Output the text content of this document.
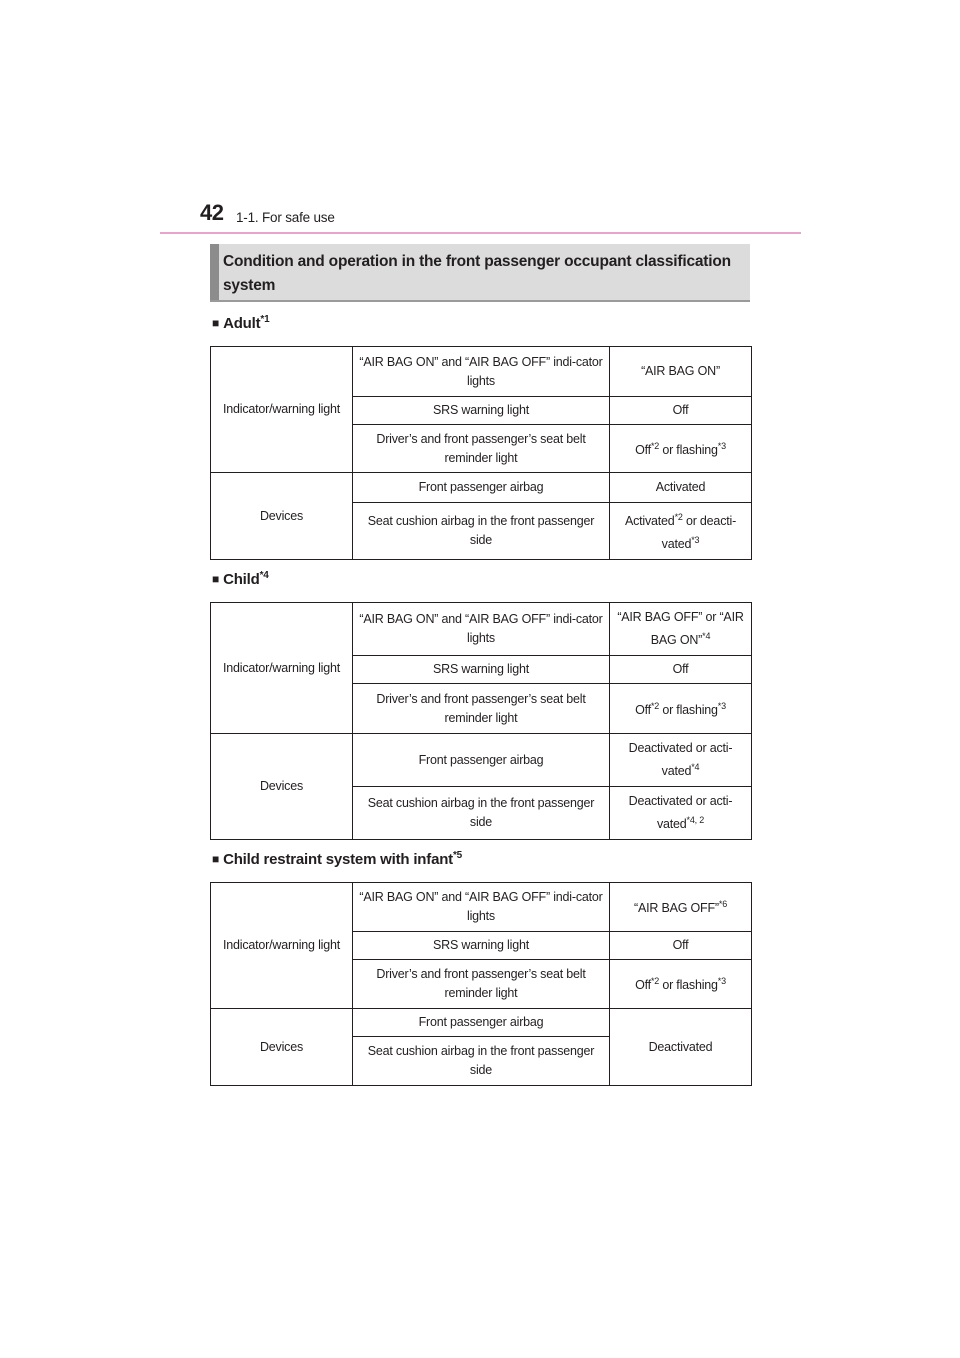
42 1-1. For safe use
Condition and operation in the front passenger occupant classification system
■ Adult$^{*1}$
Indicator/warning light	“AIR BAG ON” and “AIR BAG OFF” indi-cator lights	“AIR BAG ON”
	SRS warning light	Off
	Driver’s and front passenger’s seat belt reminder light	Off$^{*2}$ or flashing$^{*3}$
Devices	Front passenger airbag	Activated
	Seat cushion airbag in the front passenger side	Activated$^{*2}$ or deacti-vated$^{*3}$
■ Child$^{*4}$
Indicator/warning light	“AIR BAG ON” and “AIR BAG OFF” indi-cator lights	“AIR BAG OFF” or “AIR BAG ON”$^{*4}$
	SRS warning light	Off
	Driver’s and front passenger’s seat belt reminder light	Off$^{*2}$ or flashing$^{*3}$
Devices	Front passenger airbag	Deactivated or acti-vated$^{*4}$
	Seat cushion airbag in the front passenger side	Deactivated or acti-vated$^{*4, 2}$
■ Child restraint system with infant$^{*5}$
Indicator/warning light	“AIR BAG ON” and “AIR BAG OFF” indi-cator lights	“AIR BAG OFF”$^{*6}$
	SRS warning light	Off
	Driver’s and front passenger’s seat belt reminder light	Off$^{*2}$ or flashing$^{*3}$
Devices	Front passenger airbag	Deactivated
	Seat cushion airbag in the front passenger side	
